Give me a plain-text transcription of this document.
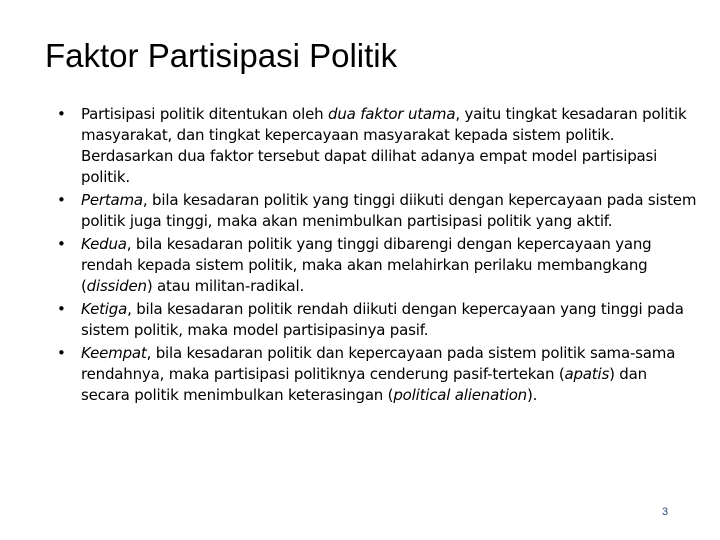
Faktor Partisipasi Politik
• Partisipasi politik ditentukan oleh dua faktor utama, yaitu tingkat kesadaran politik masyarakat, dan tingkat kepercayaan masyarakat kepada sistem politik. Berdasarkan dua faktor tersebut dapat dilihat adanya empat model partisipasi politik.
• Pertama, bila kesadaran politik yang tinggi diikuti dengan kepercayaan pada sistem politik juga tinggi, maka akan menimbulkan partisipasi politik yang aktif.
• Kedua, bila kesadaran politik yang tinggi dibarengi dengan kepercayaan yang rendah kepada sistem politik, maka akan melahirkan perilaku membangkang (dissiden) atau militan-radikal.
• Ketiga, bila kesadaran politik rendah diikuti dengan kepercayaan yang tinggi pada sistem politik, maka model partisipasinya pasif.
• Keempat, bila kesadaran politik dan kepercayaan pada sistem politik sama-sama rendahnya, maka partisipasi politiknya cenderung pasif-tertekan (apatis) dan secara politik menimbulkan keterasingan (political alienation).
3
